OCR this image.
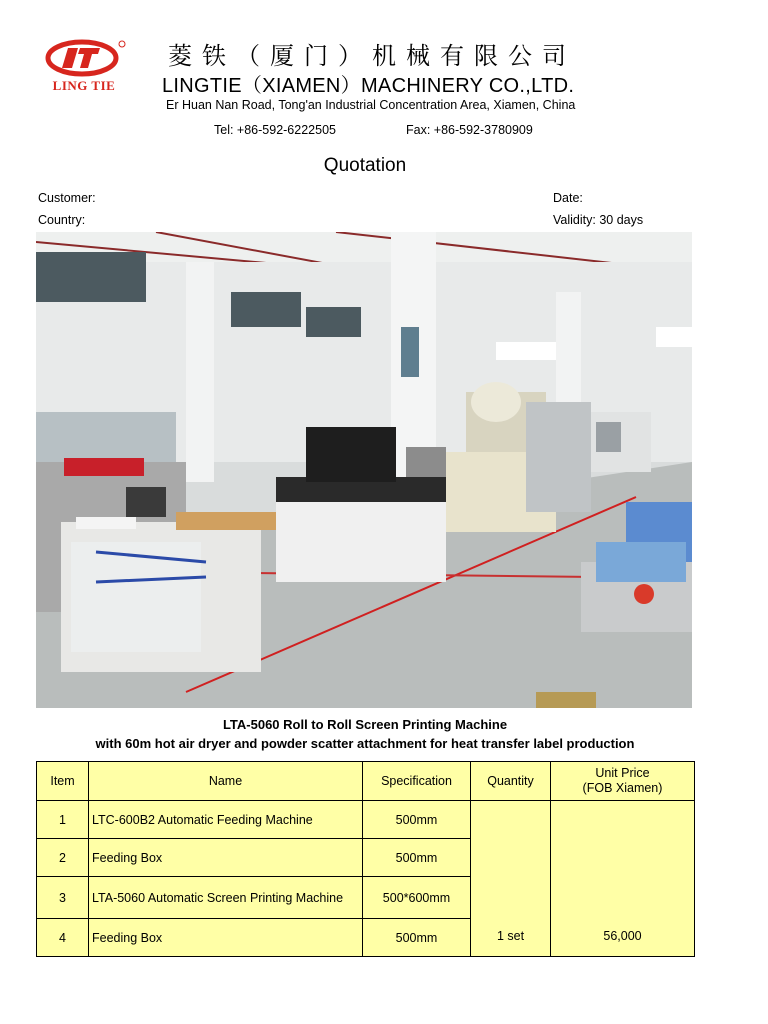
LING TIE
菱铁（厦门）机械有限公司
LINGTIE（XIAMEN）MACHINERY CO.,LTD.
Er Huan Nan Road, Tong'an Industrial Concentration Area, Xiamen, China
Tel: +86-592-6222505	Fax: +86-592-3780909
Quotation
Customer:
Country:
Date:
Validity: 30 days
LTA-5060 Roll to Roll Screen Printing Machine
with 60m hot air dryer and powder scatter attachment for heat transfer label production
Item	Name	Specification	Quantity	Unit Price
(FOB Xiamen)

1	LTC-600B2 Automatic Feeding Machine	500mm	1 set	56,000
2	Feeding Box	500mm		
3	LTA-5060 Automatic Screen Printing Machine	500*600mm		
4	Feeding Box	500mm		
